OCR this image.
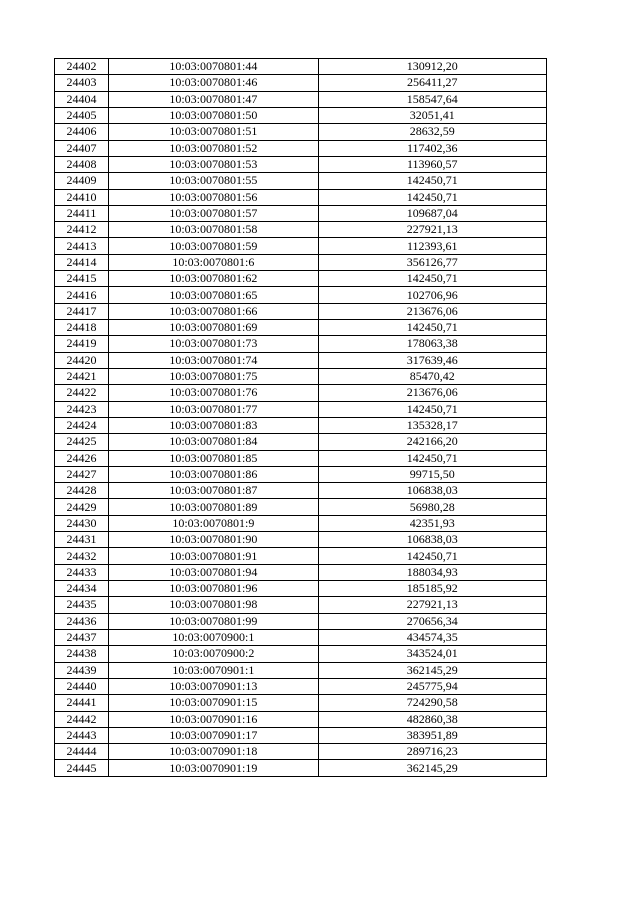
24402	10:03:0070801:44	130912,20
24403	10:03:0070801:46	256411,27
24404	10:03:0070801:47	158547,64
24405	10:03:0070801:50	32051,41
24406	10:03:0070801:51	28632,59
24407	10:03:0070801:52	117402,36
24408	10:03:0070801:53	113960,57
24409	10:03:0070801:55	142450,71
24410	10:03:0070801:56	142450,71
24411	10:03:0070801:57	109687,04
24412	10:03:0070801:58	227921,13
24413	10:03:0070801:59	112393,61
24414	10:03:0070801:6	356126,77
24415	10:03:0070801:62	142450,71
24416	10:03:0070801:65	102706,96
24417	10:03:0070801:66	213676,06
24418	10:03:0070801:69	142450,71
24419	10:03:0070801:73	178063,38
24420	10:03:0070801:74	317639,46
24421	10:03:0070801:75	85470,42
24422	10:03:0070801:76	213676,06
24423	10:03:0070801:77	142450,71
24424	10:03:0070801:83	135328,17
24425	10:03:0070801:84	242166,20
24426	10:03:0070801:85	142450,71
24427	10:03:0070801:86	99715,50
24428	10:03:0070801:87	106838,03
24429	10:03:0070801:89	56980,28
24430	10:03:0070801:9	42351,93
24431	10:03:0070801:90	106838,03
24432	10:03:0070801:91	142450,71
24433	10:03:0070801:94	188034,93
24434	10:03:0070801:96	185185,92
24435	10:03:0070801:98	227921,13
24436	10:03:0070801:99	270656,34
24437	10:03:0070900:1	434574,35
24438	10:03:0070900:2	343524,01
24439	10:03:0070901:1	362145,29
24440	10:03:0070901:13	245775,94
24441	10:03:0070901:15	724290,58
24442	10:03:0070901:16	482860,38
24443	10:03:0070901:17	383951,89
24444	10:03:0070901:18	289716,23
24445	10:03:0070901:19	362145,29
